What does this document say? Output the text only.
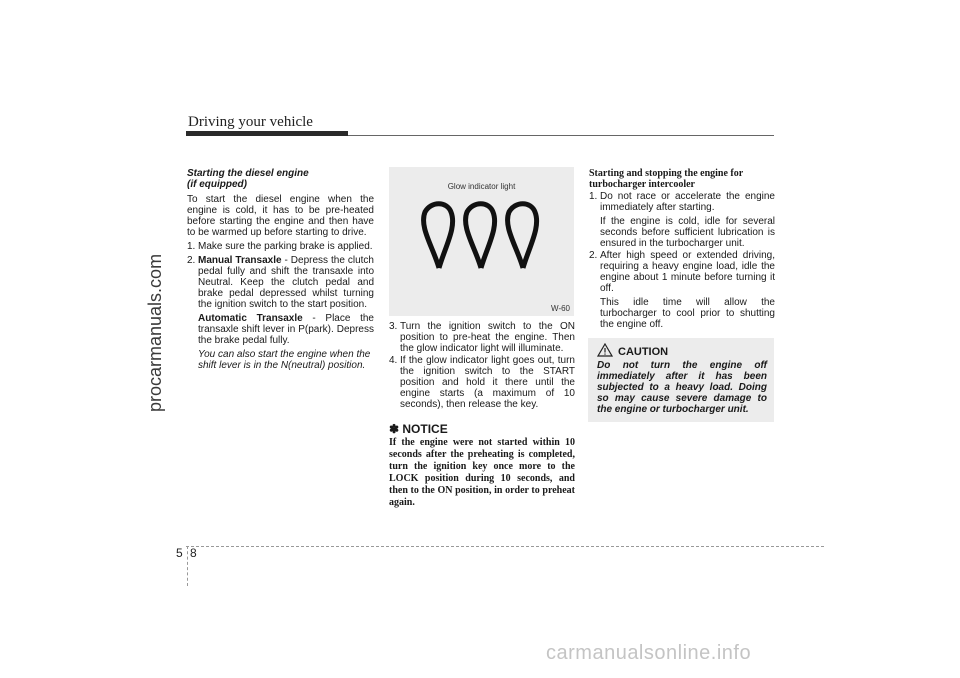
Driving your vehicle
procarmanuals.com

Starting the diesel engine

(if equipped)

To start the diesel engine when the engine is cold, it has to be pre-heated before starting the engine and then have to be warmed up before starting to drive.

1. Make sure the parking brake is applied.
2. Manual Transaxle - Depress the clutch pedal fully and shift the transaxle into Neutral. Keep the clutch pedal and brake pedal depressed whilst turning the ignition switch to the start position.

Automatic Transaxle - Place the transaxle shift lever in P(park). Depress the brake pedal fully.

You can also start the engine when the shift lever is in the N(neutral) position.

Glow indicator light
W-60
3. Turn the ignition switch to the ON position to pre-heat the engine. Then the glow indicator light will illuminate.
4. If the glow indicator light goes out, turn the ignition switch to the START position and hold it there until the engine starts (a maximum of 10 seconds), then release the key.

✽ NOTICE

If the engine were not started within 10 seconds after the preheating is completed, turn the ignition key once more to the LOCK position during 10 seconds, and then to the ON position, in order to preheat again.

Starting and stopping the engine for turbocharger intercooler

1. Do not race or accelerate the engine immediately after starting.

If the engine is cold, idle for several seconds before sufficient lubrication is ensured in the turbocharger unit.

2. After high speed or extended driving, requiring a heavy engine load, idle the engine about 1 minute before turning it off.

This idle time will allow the turbocharger to cool prior to shutting the engine off.

CAUTION
Do not turn the engine off immediately after it has been subjected to a heavy load. Doing so may cause severe damage to the engine or turbocharger unit.
5 8
carmanualsonline.info
